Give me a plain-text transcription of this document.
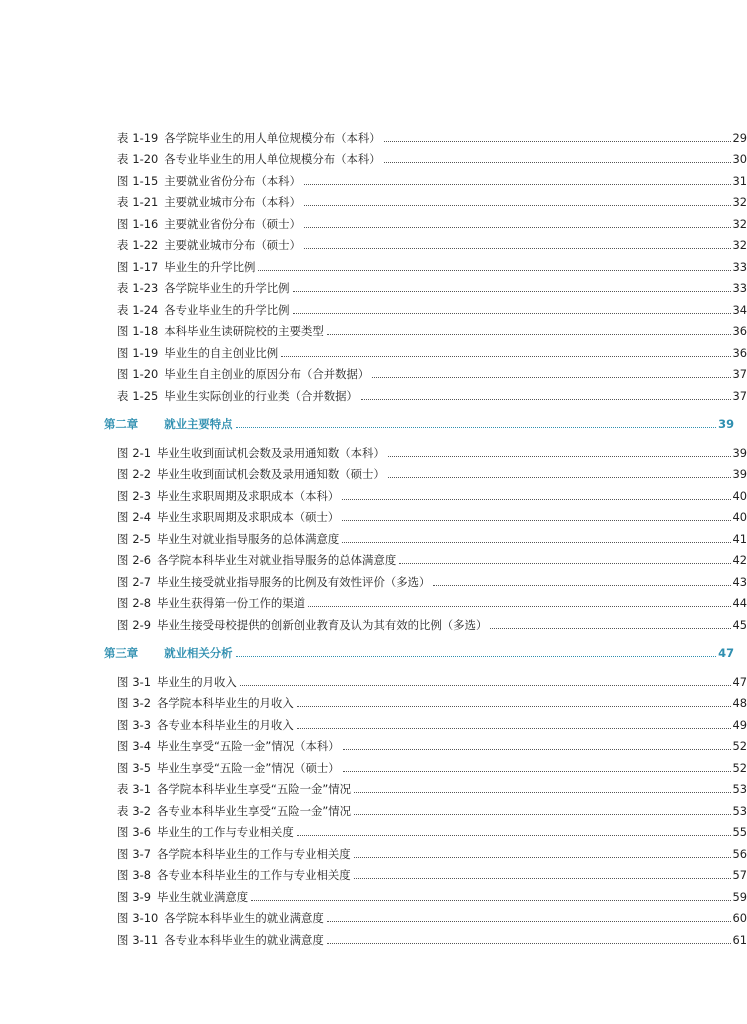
表 1-19 各学院毕业生的用人单位规模分布（本科）	29
表 1-20 各专业毕业生的用人单位规模分布（本科）	30
图 1-15 主要就业省份分布（本科）	31
表 1-21 主要就业城市分布（本科）	32
图 1-16 主要就业省份分布（硕士）	32
表 1-22 主要就业城市分布（硕士）	32
图 1-17 毕业生的升学比例	33
表 1-23 各学院毕业生的升学比例	33
表 1-24 各专业毕业生的升学比例	34
图 1-18 本科毕业生读研院校的主要类型	36
图 1-19 毕业生的自主创业比例	36
图 1-20 毕业生自主创业的原因分布（合并数据）	37
表 1-25 毕业生实际创业的行业类（合并数据）	37
第二章 就业主要特点	39
图 2-1 毕业生收到面试机会数及录用通知数（本科）	39
图 2-2 毕业生收到面试机会数及录用通知数（硕士）	39
图 2-3 毕业生求职周期及求职成本（本科）	40
图 2-4 毕业生求职周期及求职成本（硕士）	40
图 2-5 毕业生对就业指导服务的总体满意度	41
图 2-6 各学院本科毕业生对就业指导服务的总体满意度	42
图 2-7 毕业生接受就业指导服务的比例及有效性评价（多选）	43
图 2-8 毕业生获得第一份工作的渠道	44
图 2-9 毕业生接受母校提供的创新创业教育及认为其有效的比例（多选）	45
第三章 就业相关分析	47
图 3-1 毕业生的月收入	47
图 3-2 各学院本科毕业生的月收入	48
图 3-3 各专业本科毕业生的月收入	49
图 3-4 毕业生享受“五险一金”情况（本科）	52
图 3-5 毕业生享受“五险一金”情况（硕士）	52
表 3-1 各学院本科毕业生享受“五险一金”情况	53
表 3-2 各专业本科毕业生享受“五险一金”情况	53
图 3-6 毕业生的工作与专业相关度	55
图 3-7 各学院本科毕业生的工作与专业相关度	56
图 3-8 各专业本科毕业生的工作与专业相关度	57
图 3-9 毕业生就业满意度	59
图 3-10 各学院本科毕业生的就业满意度	60
图 3-11 各专业本科毕业生的就业满意度	61
